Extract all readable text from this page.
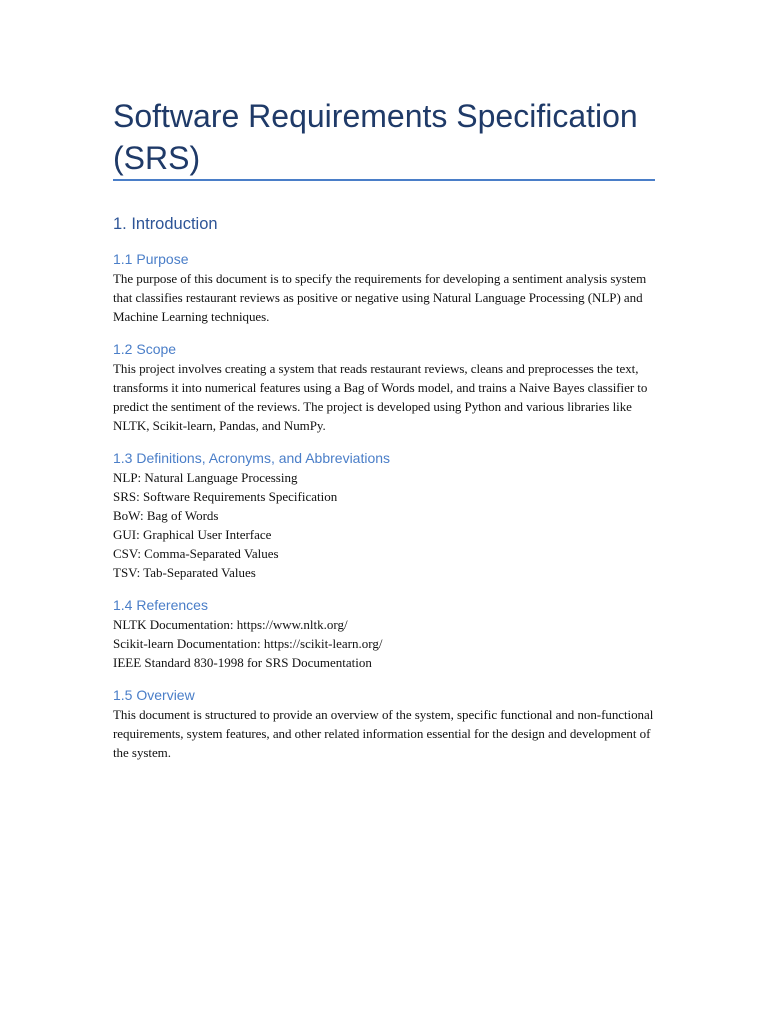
Software Requirements Specification (SRS)
1. Introduction
1.1 Purpose

The purpose of this document is to specify the requirements for developing a sentiment analysis system that classifies restaurant reviews as positive or negative using Natural Language Processing (NLP) and Machine Learning techniques.

1.2 Scope

This project involves creating a system that reads restaurant reviews, cleans and preprocesses the text, transforms it into numerical features using a Bag of Words model, and trains a Naive Bayes classifier to predict the sentiment of the reviews. The project is developed using Python and various libraries like NLTK, Scikit-learn, Pandas, and NumPy.

1.3 Definitions, Acronyms, and Abbreviations
NLP: Natural Language Processing
SRS: Software Requirements Specification
BoW: Bag of Words
GUI: Graphical User Interface
CSV: Comma-Separated Values
TSV: Tab-Separated Values
1.4 References
NLTK Documentation: https://www.nltk.org/
Scikit-learn Documentation: https://scikit-learn.org/
IEEE Standard 830-1998 for SRS Documentation
1.5 Overview

This document is structured to provide an overview of the system, specific functional and non-functional requirements, system features, and other related information essential for the design and development of the system.
